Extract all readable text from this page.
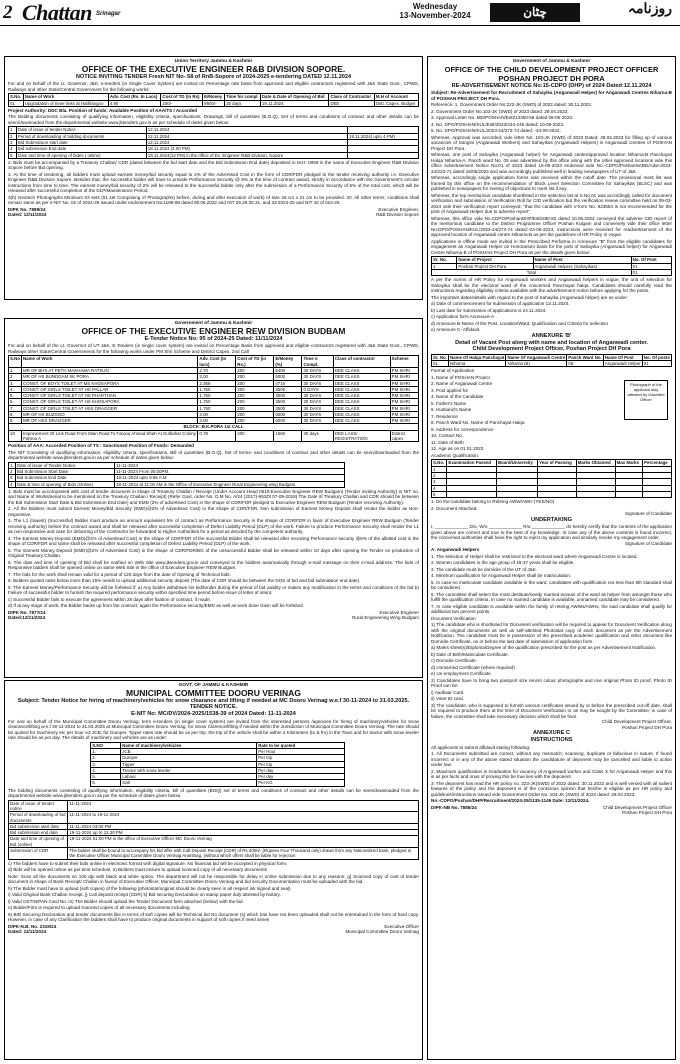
2 Chattan Srinagar
Wednesday
13-November-2024	چٹان	روزنامہ
Union Territory Jammu & Kashmir
OFFICE OF THE EXECUTIVE ENGINEER R&B DIVISION SOPORE.
NOTICE INVITING TENDER Fresh NIT No- 58 of RnB-Sopore of 2024-2025 e-tendering DATED 12.11.2024
For and on behalf of the Lt. Governor, J&K, e-tenders (in Single Cover System) are invited on Percentage rate basis from approved and eligible contractors registered with J&K State Govt., CPWD, Railways and other State/Central Government for the following works:
S.No.	Name of Work	Adv. Cost (Rs. In Lacs)	Cost of TD (In Rs)	E/Money	Time for compl	Date & Date of Opening of Bid	Class of Contractor	M.H of Account
01	Upgradation of Inner links at Hathlangoo	4.90	200/-	9800/-	25 days	19.11.2024	DEE	Dstt. Capex. Budget
Project Authority: DDC Bla. Position of funds: Available Position of AAA/TS / Accorded
The Bidding documents consisting of qualifying information, eligibility criteria, specifications, Drawings, bill of quantities (B.O.Q), Set of terms and conditions of contract and other details can be seen/downloaded from the departmental website www.jktenders.gov.in as per schedule of dates given below:
1	Date of issue of tender Notice	12.11.2024	
2	Period of downloading of bidding documents	12.11.2024	19.11.2024( upto 4.PM)
3	Bid Submission start date	12.11.2024	
4	Bid submission End date	18.11.2024 (4.00 PM)	
5	Date and time of opening of bides ( online)	19.11.2024(12 PM) in the office of Ex. Engineer R&B Division, Sopore	
2. Bids must be accompanied by a Treasury Challan/ CDR (dated between the bid start date and the Bid Submission End date) deposited in M.H: 0059 in the name of Executive Engineer R&B Division Sopore before Bid opening.
3. At the time of tendering, all bidders must upload earnest money/bid security equal to 2% of the Advertised Cost in the form of CDR/FDR pledged to the tender receiving authority i.e. Executive Engineer R&B Division Sopore. Besides that, the successful bidder will have to provide Performance Security @ 5% at the time of contract award, strictly in accordance with the Government's circular instructions from time to time. The earnest money/bid security of 2% will be released to the successful bidder only after the submission of a Performance Security of 5% of the total cost, which will be released after successful completion of the DLP/Maintenance Period.
3(b) Geotech Photographs Minimum 03 sets (01 set Comprising of Photographs) before, during and after execution of work) of size 26 cm x 21 cm to be provided. 20. All other terms, conditions shall remain same as per e-NIT No. 02 of 2024-25 issued under endorsement No:1189-98 dated 08.06.2022 and NIT 26.29.30.31. and 33 2024-25 and NIT 42 of 024-25.
DIPK No. 7889/24
Dated: 12/11/2024
Executive Engineer,
R&B Division Sopore
Government of Jammu & Kashmir
OFFICE OF THE EXECUTIVE ENGINEER REW DIVISION BUDBAM
E-Tender Notice No: 95 of 2024-25 Dated: 11/11/2024
For and on behalf of the Lt. Governor of UT J&K, E-Tenders (in single cover system) are invited on Percentage Basis from approved and eligible contractors registered with J&K State Govt., CPWD, Railways other State/Central Governments for the following works under PM Shri Scheme and District Capex. 2nd Call
S.No	Name of Work	Adv. Cost (In lacs)	Cost of TD (in Rs.)	E/Money (%)	Time o Compl.	Class of contractor	Scheme
1.	MR OF BHS AT PETH MAKHAMA RATSUN	2.70	200	5400	30 DAYS	DEE CLASS	PM SHRI
2.	MR OF HS BUNDGAM SK PORA	3.00	200	6000	30 DAYS	DEE CLASS	PM SHRI
3.	CONST. OF BOYS TOILET AT MS KHOSAPORA	2.358	200	4716	30 DAYS	DEE CLASS	PM SHRI
4.	CONST. OF GIRLS TOILET AT HS PALLAR	1.750	200	3500	0 DAYS	DEE CLASS	PM SHRI
5.	CONST. OF GIRLS TOILET AT HS PHARTHAN	1.750	200	3500	30 DAYS	DEE CLASS	PM SHRI
6.	CONST. OF GIRLS TOILET AT HS KHOSAPORA	1.750	200	3500	30 DAYS	DEE CLASS	PM SHRI
7.	CONST. OF GIRLS TOILET AT HSS DRAGGER	1.750	200	3500	30 DAYS	DEE CLASS	PM SHRI
8.	MR OF HS BUZGOO	3.00	200	6000	30 DAYS	DEE CLASS	PM SHRI
9.	MR OF HSS DRAGGER	3.00	200	6000	30 DAYS	DEE CLASS	PM SHRI
BLOCK :B.K.PORA 1st CALL							
10	Improvement Of Link Road From Main Road To Farooq Ahmad Shah At Gulbahar Colony Pahroo A	0.78	200	1560	30 days	DEE LASS/ REGISTRATION	District capex
Position of AAA: Accorded Position of TS : Sanctioned Position of Funds: Demanded
The NIT Consisting of qualifying information, eligibility criteria, specifications, Bill of quantities (B.O.Q), Set of terms- and conditions of contract and other details can be seen/downloaded from the departmental website www.jktenders.gov.in as per schedule of dates given below:
1	Date of issue of Tender Notice	11-11-2024
2	Bid Submission Start Date	11-11-2024 From 06:00PM.
3	Bid Submission End Date	18-11-2024 upto 9:55 A.M
4	Date & time of opening of Bids (Online)	18-11-2024 at 11:00 AM in the Office of Executive Engineer Rural Engineering wing Budgam.
1. Bids must be accompanied with cost of tender document in shape of Treasury Challan / Receipt (Under Account Head 0515-Executive Engineer REW Budgam) (Tender inviting Authority) in NIT no. and Name of Works/serial to be mentioned on the Treasury Challan / Receipt) (Refer Govt. order No. O.M No. A/24 (2017)-651Dt 07-09-2018) The Date of Treasury Challan and CDR should be between the Bid Submission Start Date & Bid Submission End Date) and EMD (2% of advertised Cost) in the shape of CDR/FDR pledged to Executive Engineer REW Budgam (Tender receiving Authority).
2. All the Bidders must submit Earnest Money/Bid Security (EMD)@2% of Advertised Cost) in the shape of CDR/FDR. Non submission of Earnest Money Deposit shall render the bidder as Non-responsive.
3. The L1 (lowest) (Successful) Bidder must produce an amount equivalent 5% of contract as Performance Security in the shape of CDR/FDR in favor of Executive Engineer REW Budgam (Tender receiving authority) before the contract award and shall be released after successful completion of Defect Liability Period (DLP) of the work. Failure to produce Performance Security shall render the L1 as non-responsive and case for debarring of the Contractor be forwarded to Higher Authorities for a period as decided by the competent authority.
4. The Earnest Money Deposit (EMD)@2% of Advertised Cost) in the shape of CDR/FDR of the successful Bidder shall be released after receiving Performance security @5% of the allotted cost in the shape of CDR/FDR and same shall be released after successful completion of Defect Liability Period (DLP) of the work.
5. The Earnest Money Deposit (EMD)@2% of Advertised Cost) in the shape of CDR/FDR/BG of the unsuccessful Bidder shall be released within 10 days after opening the Tender on production of Original Treasury Challan.
6. The date and time of opening of Bid shall be notified on Web Site www.jktenders.gov.in and conveyed to the bidders automatically through e-mail message on their e-mail address. The bids of Responsive bidders shall be opened online on same Web Site in the office of Executive Engineer REW Budgam.
7. The bids for the work shall remain valid for a period of 120 days from the date of Opening of Technical bids.
8. Bidders quoted rates below more than 15% needs to upload additional security deposit (The date of CDR should be between the DOS of bid and bid submission end date)
9. The Earnest Money/Performance Security will be forfeited if: a) Any bidder withdraws his bid/tender during the period of bid validity or makes any modification in the terms and conditions of the bid b) Failure of successful bidder to furnish the required performance security within specified time period before issue of letter of intent.
c) Successful Bidder fails to execute the agreement within 28 days after fixation of contract, if made.
d) If at any stage of work, the Bidder backs up from the contract, again the Performance security/EMD as well as work done claim will be forfeited.
DIPK No. 7877/24
Dated:12/11/2024
Executive Engineer
Rural Engineering Wing Budgam
GOVT. OF JAMMU & KASHMIR
MUNICIPAL COMMITTEE DOORU VERINAG
Subject: Tender Notice for hiring of machinery/vehicles for snow clearance and lifting if needed at MC Dooru Verinag w.e.f 30-11-2024 to 31.03.2025.
TENDER NOTICE.
E-NIT No: MC/DV/2024-2025/1538-39 of 2024 Dated: 11-11-2024
For and on behalf of the Municipal Committee Dooru Verinag, term e-tenders (in single cover system) are invited from the interested persons /agencies for hiring of machinery/vehicles for snow clearance/lifting w.e.f 30-11-2024 to 31.03.2025 at Municipal Committee Dooru Verinag, for Snow Clarence/lifting if needed within the Jurisdiction of Municipal Committee Dooru Verinag. The rate should be quoted for machinery etc per hour viz JCB, for Dumper, Tipper rates rate should be as per trip, the trip of the vehicle shall be within 3 Kilometers (to & fro) in the Town and for tractor with snow leveler rate should be as per day. The details of machinery and vehicles are as under:
S.NO	Name of machinery/vehicles	Rate to be quoted
1.	JCB	Per Hour
2.	Dumper	Per trip
3.	Tipper	Per trip
4.	Tractor with snow leveler	Per day
5.	Labour	Per day
6.	Salt	Per KG
The bidding documents consisting of qualifying information, eligibility criteria, bill of quantities (BOQ) set of terms and conditions of contract and other details can be seen/downloaded from the departmental website www.jktenders.gov.in as per the schedule of dates given below.
Date of issue of tender notice	11-11-2024
Period of downloading of bid documents	11-11-2024 to 19-11-2024
Bid submission start date	11-11-2024 03:00 PM
Bid submission end date	19-11-2024 up to 12.30 PM
Date and time of opening of Bid (online)	19-11-2024 01:00 PM in the office of Executive Officer MC Dooru Verinag
Submission of CDR	The bidder shall be bound to accompany his bid offer with Call Deposit Receipt (CDR) of Rs.4000/- (Rupees Four Thousand only) drawn from any Nationalized bank, pledged to the Executive Officer Municipal Committee Dooru Verinag Anantnag, (without which offers shall be liable for rejection
c) The bidders have to submit their bids online in electronic format with digital signature. No financial bid will be accepted in physical form.
d) Bids will be opened online as per time schedule. e) Bidders must ensure to upload scanned copy of all necessary documents
Note: Scan all the documents on 100 dpi with black and white option. The department will not be responsible for delay in online submission due to any reasons. g) Scanned copy of cost of tender document in shape of Bank Receipt/ Challan in favour of Executive Officer, Municipal Committee Dooru Verinag and bid security Documentation must be uploaded with the bid.
h) The Bidder must have to upload (soft copies) of the following (photostat/original should be clearly seen in all respect ink signed and seal)
i) Valid Original Bank Challan receipt. j) Call deposit receipt (CDR) k) Bid securing Declaration on stamp paper duly attested by Notary.
l) Valid GSTIN/PAN Card No. m) The Bidder should upload the Tender Document form attached (below) with the bid.
n) Bidder/Firm is required to upload scanned copies of all necessary documents including
6) BID Securing Declaration and tender documents like in terms of soft copies will be Technical bid No document (s) which has have not been uploaded shall not be entertained in the form of hard copy. However, in case of any Clarification the bidders shall have to produce original documents in support of soft copies if need arises
DIPK-N.B. No. 2319/24
Dated: 11/11/2024
Executive Officer
Municipal Committee Dooru Verinag
Government of Jammu & Kashmir
OFFICE OF THE CHILD DEVELOPMENT PROJECT OFFICER
POSHAN PROJECT DH PORA
RE-ADVERTISEMENT NOTICE No:15-CDPO (DHP) of 2024 Dated:12.11.2024
Subject: Re-Advertisement for Recruitment of Sahayika (Anganwadi Helper) for Anganwadi Centres Niharna-B of POSHAN PROJECT DH Pora.
Reference: 1. Government Order No:222-JK (SWD) of 2022 dated: 30.11.2022.
2. Government Order No.103-JK (SWD) of 2023 dated: 28.04.2023.
3. Approval Letter No. MD/POSHAN/Estt/13350-58 dated 09-05-2023.
4. No. DPO/POSHAN/KUL/Estt/2023/234-246 dated: 10-05-2023.
5. No. DPO/POSHAN/KUL/2023-24/273-74 dated: -24-09-2024.
Whereas, Approval was accorded, vide letter No: 103-JK (SWD) of 2023 Dated: 28.04.2023 for filling up of various vacancies of Sangini (Anganwadi Workers) and Sahayikas (Anganwadi Helpers) in Anganwadi Centres of POSHAN Project DH Pora.
Whereas, one post of Sahayika (Anganwadi helper) for Anganwadi center/approved location Niharna-B Panchayat Halqa Niharna-A, Panch ward No. 05 was advertised by this office along with the other approved locations vide this office Advertisement Notice No:01 of 2023 dated 15-05-2023 endorsed vide No:-CDPO/PoshanNABD/Advt-2023-24/223-71 dated 15/05/2023 and was accordingly published well in leading newspapers of UT of J&K.
Whereas, accordingly single application forms was received within the cutoff date. The provisional merit list was framed by this office on the recommendation of Block Level Selection Committee for Sahayikas (BLSC) and was published in newspapers for inviting of objections to merit list if any.
Whereas, the top meritorious candidate shortlisted in the selection list at S.No.01 was accordingly called for document verification and submission of Verification Roll for CID verification but the verification review committee held on 09-03-2024 vide their verification report conveyed, "that the candidate with V-form No. 823554 is not recommended for the post of Anganwadi Helper due to adverse report".
Whereas, this office vide No.CDPO/PoshanDHP/Estt/280-82 dated 10.05.2024 conveyed the adverse CID report of the meritorious candidate to the District Programme Officer Poshan Kulgam and conversely vide their office letter No:DPO/POSHAN/KUL/2023-24/273-74 dated:-24-06-2024, instructions were received for readvertisement of the approved location of Anganwadi centre Niharna-B as per the guidelines of HR Policy in vogue.
Applications in offline mode are invited in the Prescribed Performa in Annexure "B" from the eligible candidates for engagement as Anganwadi Helper on Honorarium basis for the post of Sahayika (Anganwadi helper) for Anganwadi Centre Niharna-B of POSHAN Project DH Pora as per the details given below:
Sr. No.	Name of Project	Name of Post	No. Of Post
1	Poshan Project DH Pora	Anganwadi Helpers (Sahayikas)	01
Total			01
A per the norms of HR Policy for Anganwadi workers and Anganwadi helpers in vogue, the unit of selection for Sahayika shall be the electoral ward of the concerned Panchayat halqa. Candidates should carefully read the instructions regarding eligibility criteria available with the advertisement notice before applying for the posts.
The important dates/details with regard to the post of Sahayika (Anganwadi helper) are as under:
a) Date of commencement for submission of application 13.11.2024.
b) Last date for submission of applications is 24.11.2024.
c) Application form Annexure-A
d) Annexure B-Name of the Post, Location/Ward, Qualification and Criteria for selection
e) Annexure C- Affidavit.
ANNEXURE 'B'
Detail of Vacant Post along with name and location of Anganwadi center.
Child Development Project Officer, Poshan Project DH Pora
Sr. No.	Name Of Halqa Panchayat	Name Of Anganwadi Centre	Panch Ward No.	Name Of Post	No. Of posts
01.	Niharna	Niharna (B)	05	Anganwadi Helper	01
Format of Application
1. Name of POSHAN Project
2. Name of Anganwadi Centre
3. Post applied for
4. Name of the Candidate
5. Father's Name
6. Husband's Name
7. Residence
8. Panch Ward No. Name of Panchayat Halqa
9. Address for correspondence
10. Contact No.
11. Date of Birth
12. Age as on 01.01.2023
Academic Qualification:
Photograph of the applicant duly attested by Gazetted Officer
S.No.	Examination Passed	Board/University	Year of Passing	Marks Obtained	Max Marks	Percentage
1						
2						
3						
4						
5						
1. Do the candidate belong to Retiring AWW/AWH (YES/NO)
2. Document Attached:
Signature of Candidate
UNDERTAKING
I, _____________ D/o, W/o _____________ R/o _____________ do hereby certify that the contents of the application given above are correct and true to the best of my knowledge. In case any of the above contents is found incorrect, the concerned authorities shall have the right to reject my application and similarly revoke my engagement order.
Signature of Candidate
A. Anganwadi Helpers
1. The selection of Helper shall be restricted to the electoral ward where Anganwadi Centre is located.
2. Women candidates in the age group of 18-37 years shall be eligible.
3. The candidate must be domicile of the UT of J&K.
4. Minimum qualification for Anganwadi Helper shall be matriculation.
5. In case no matriculate candidate available in the ward, candidates with qualification not less than 8th standard shall be considered.
6. The committee shall select the most destitute/needy married woman of the ward as helper from amongst those who fulfill the qualification criteria. In case no married candidate is available, unmarried candidate may be considered.
7. In case eligible candidate is available within the family of retiring AWWs/AWHs, the said candidate shall qualify for additional two percent points.
Document Verification
1) The candidate who is shortlisted for Document verification will be required to appear for Document Verification along with the original documents as well as self-attested Photostat copy of each document as per the Advertisement Notification. The candidate must be in possession of the prescribed academic qualification and other document like Domicile Certificate, on or before the last date of submission of application form.
a) Marks sheet(s)/Diploma/Degree of the qualification prescribed for the post as per Advertisement Notification.
b) Date of Birth/Matriculate Certificate.
c) Domicile Certificate.
d) Unmarried Certificate (where required)
e) Un-employment Certificate.
2) Candidates have to bring two passport size recent colour photographs and one original Photo ID proof. Photo ID Proof can be:
i) Aadhaar Card.
ii) Voter ID card.
3) The candidate, who is supposed to furnish various certificates issued by or before the prescribed cut-off date, shall be required to produce them at the time of Document Verification or as may be sought by the Committee; in case of failure, the committee shall take necessary decision which shall be final.
Child Development Project Officer,
Poshan Project DH Pora
ANNEXURE C
INSTRUCTIONS
All applicants to submit affidavit stating following:
1. All Documents submitted are correct, without any mismatch, scanning, duplicate or fallacious in nature. If found incorrect or in any of the above stated situation the candidature of deponent may be cancelled and liable to action under law.
2. Maximum qualification is Graduation for vacancy of Anganwadi worker and Class X for Anganwadi Helper and this is as per facts and onus of proving this be true lies with the deponent.
3. The deponent has read the HR policy no. 223-JK(SWD) of 2022 dated: 30.11.2022 and is well versed with all salient features of the policy and the deponent is of the conscious opinion that he/she is eligible as per HR policy and guidelines/instructions issued vide Government Order No. 103-JK (SWD) of 2023 dated: 28.04.2023.
No:-CDPO/Poshan/DHP/Recruitment/2024-25/1135-1146 Date: 12/11/2024.
DIPK-NB No. 7885/24	Child Development Project Officer
Poshan Project DH Pora
